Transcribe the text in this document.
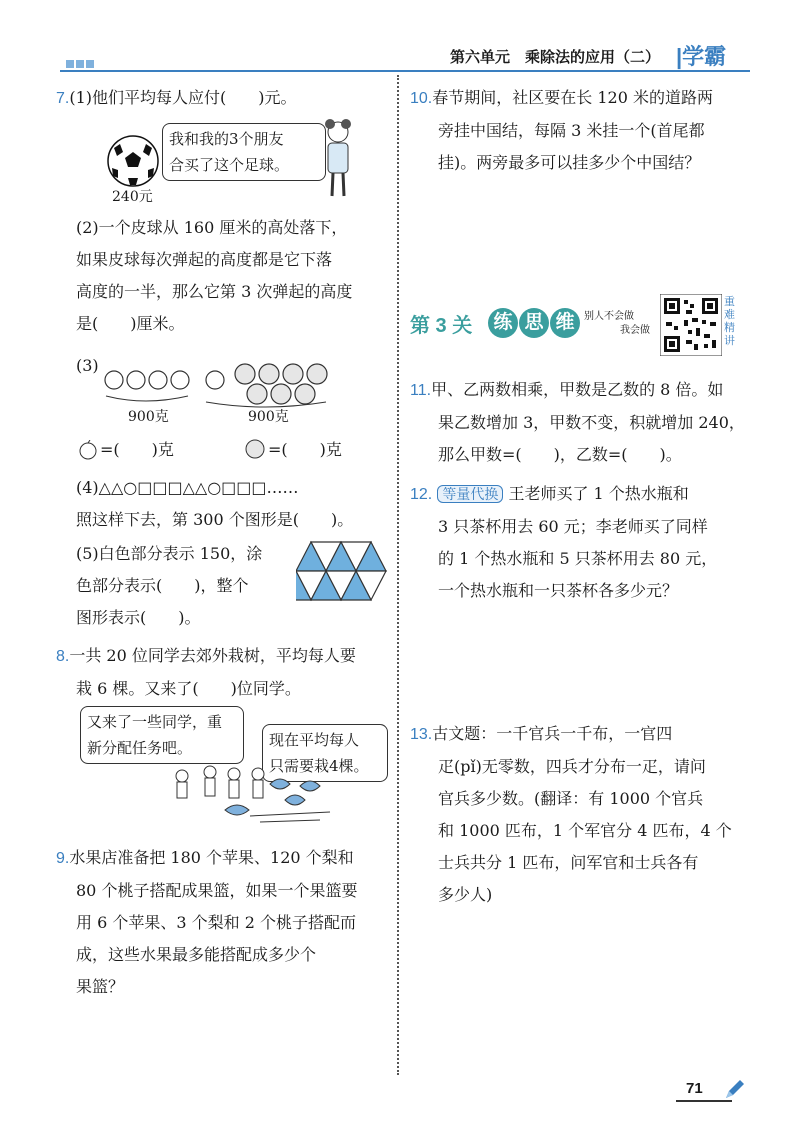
第六单元　乘除法的应用（二） |学霸
7.(1)他们平均每人应付(　　)元。
240元
我和我的3个朋友
合买了这个足球。
(2)一个皮球从 160 厘米的高处落下，
如果皮球每次弹起的高度都是它下落
高度的一半，那么它第 3 次弹起的高度
是(　　)厘米。
(3)
900克	900克
=(　　)克	=(　　)克
(4)△△○□□□△△○□□□……
照这样下去，第 300 个图形是(　　)。
(5)白色部分表示 150，涂
色部分表示(　　)，整个
图形表示(　　)。
8.一共 20 位同学去郊外栽树，平均每人要
栽 6 棵。又来了(　　)位同学。
又来了一些同学，重
新分配任务吧。	现在平均每人
只需要栽4棵。
9.水果店准备把 180 个苹果、120 个梨和
80 个桃子搭配成果篮，如果一个果篮要
用 6 个苹果、3 个梨和 2 个桃子搭配而
成，这些水果最多能搭配成多少个
果篮？
10.春节期间，社区要在长 120 米的道路两
旁挂中国结，每隔 3 米挂一个(首尾都
挂)。两旁最多可以挂多少个中国结？
第 3 关 练 思 维 别人不会做
我会做
重难精讲
11.甲、乙两数相乘，甲数是乙数的 8 倍。如
果乙数增加 3，甲数不变，积就增加 240，
那么甲数=(　　)，乙数=(　　)。
12. 等量代换 王老师买了 1 个热水瓶和
3 只茶杯用去 60 元；李老师买了同样
的 1 个热水瓶和 5 只茶杯用去 80 元，
一个热水瓶和一只茶杯各多少元？
13.古文题：一千官兵一千布，一官四
疋(pǐ)无零数，四兵才分布一疋，请问
官兵多少数。(翻译：有 1000 个官兵
和 1000 匹布，1 个军官分 4 匹布，4 个
士兵共分 1 匹布，问军官和士兵各有
多少人)
71
